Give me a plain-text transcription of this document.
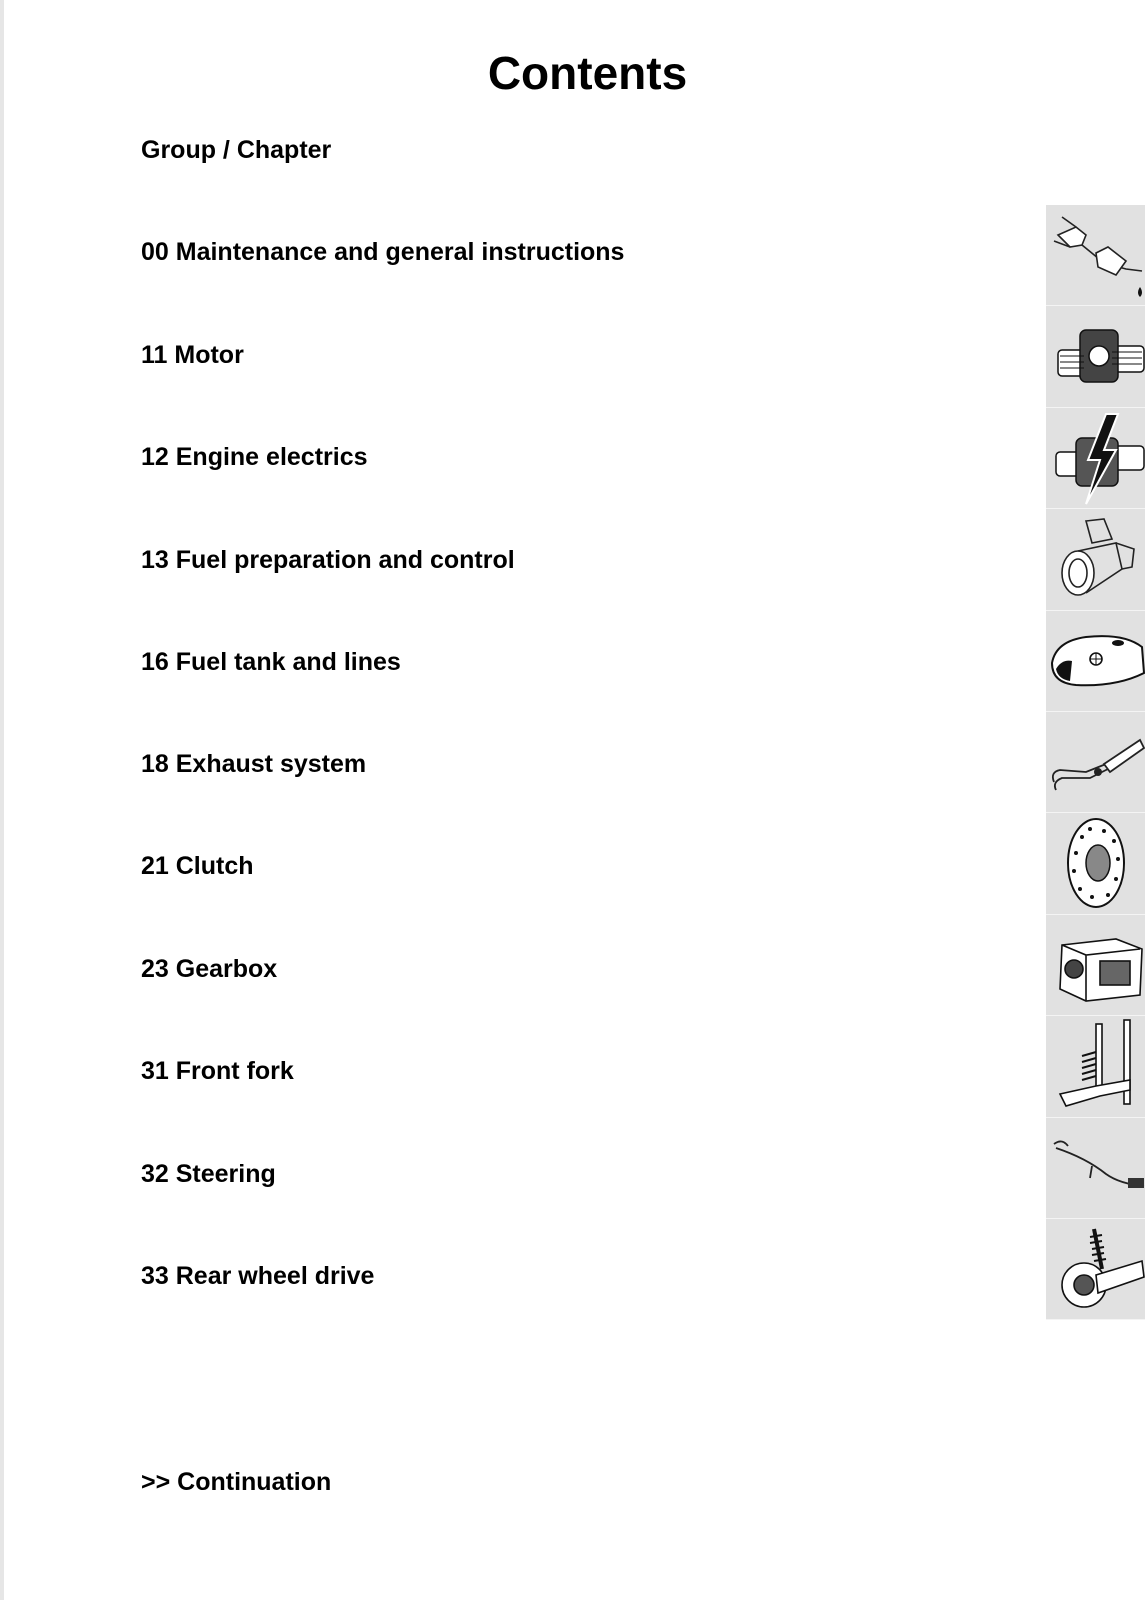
Contents
Group / Chapter
00 Maintenance and general instructions
11 Motor
12 Engine electrics
13 Fuel preparation and control
16 Fuel tank and lines
18 Exhaust system
21 Clutch
23 Gearbox
31 Front fork
32 Steering
33 Rear wheel drive
>> Continuation
